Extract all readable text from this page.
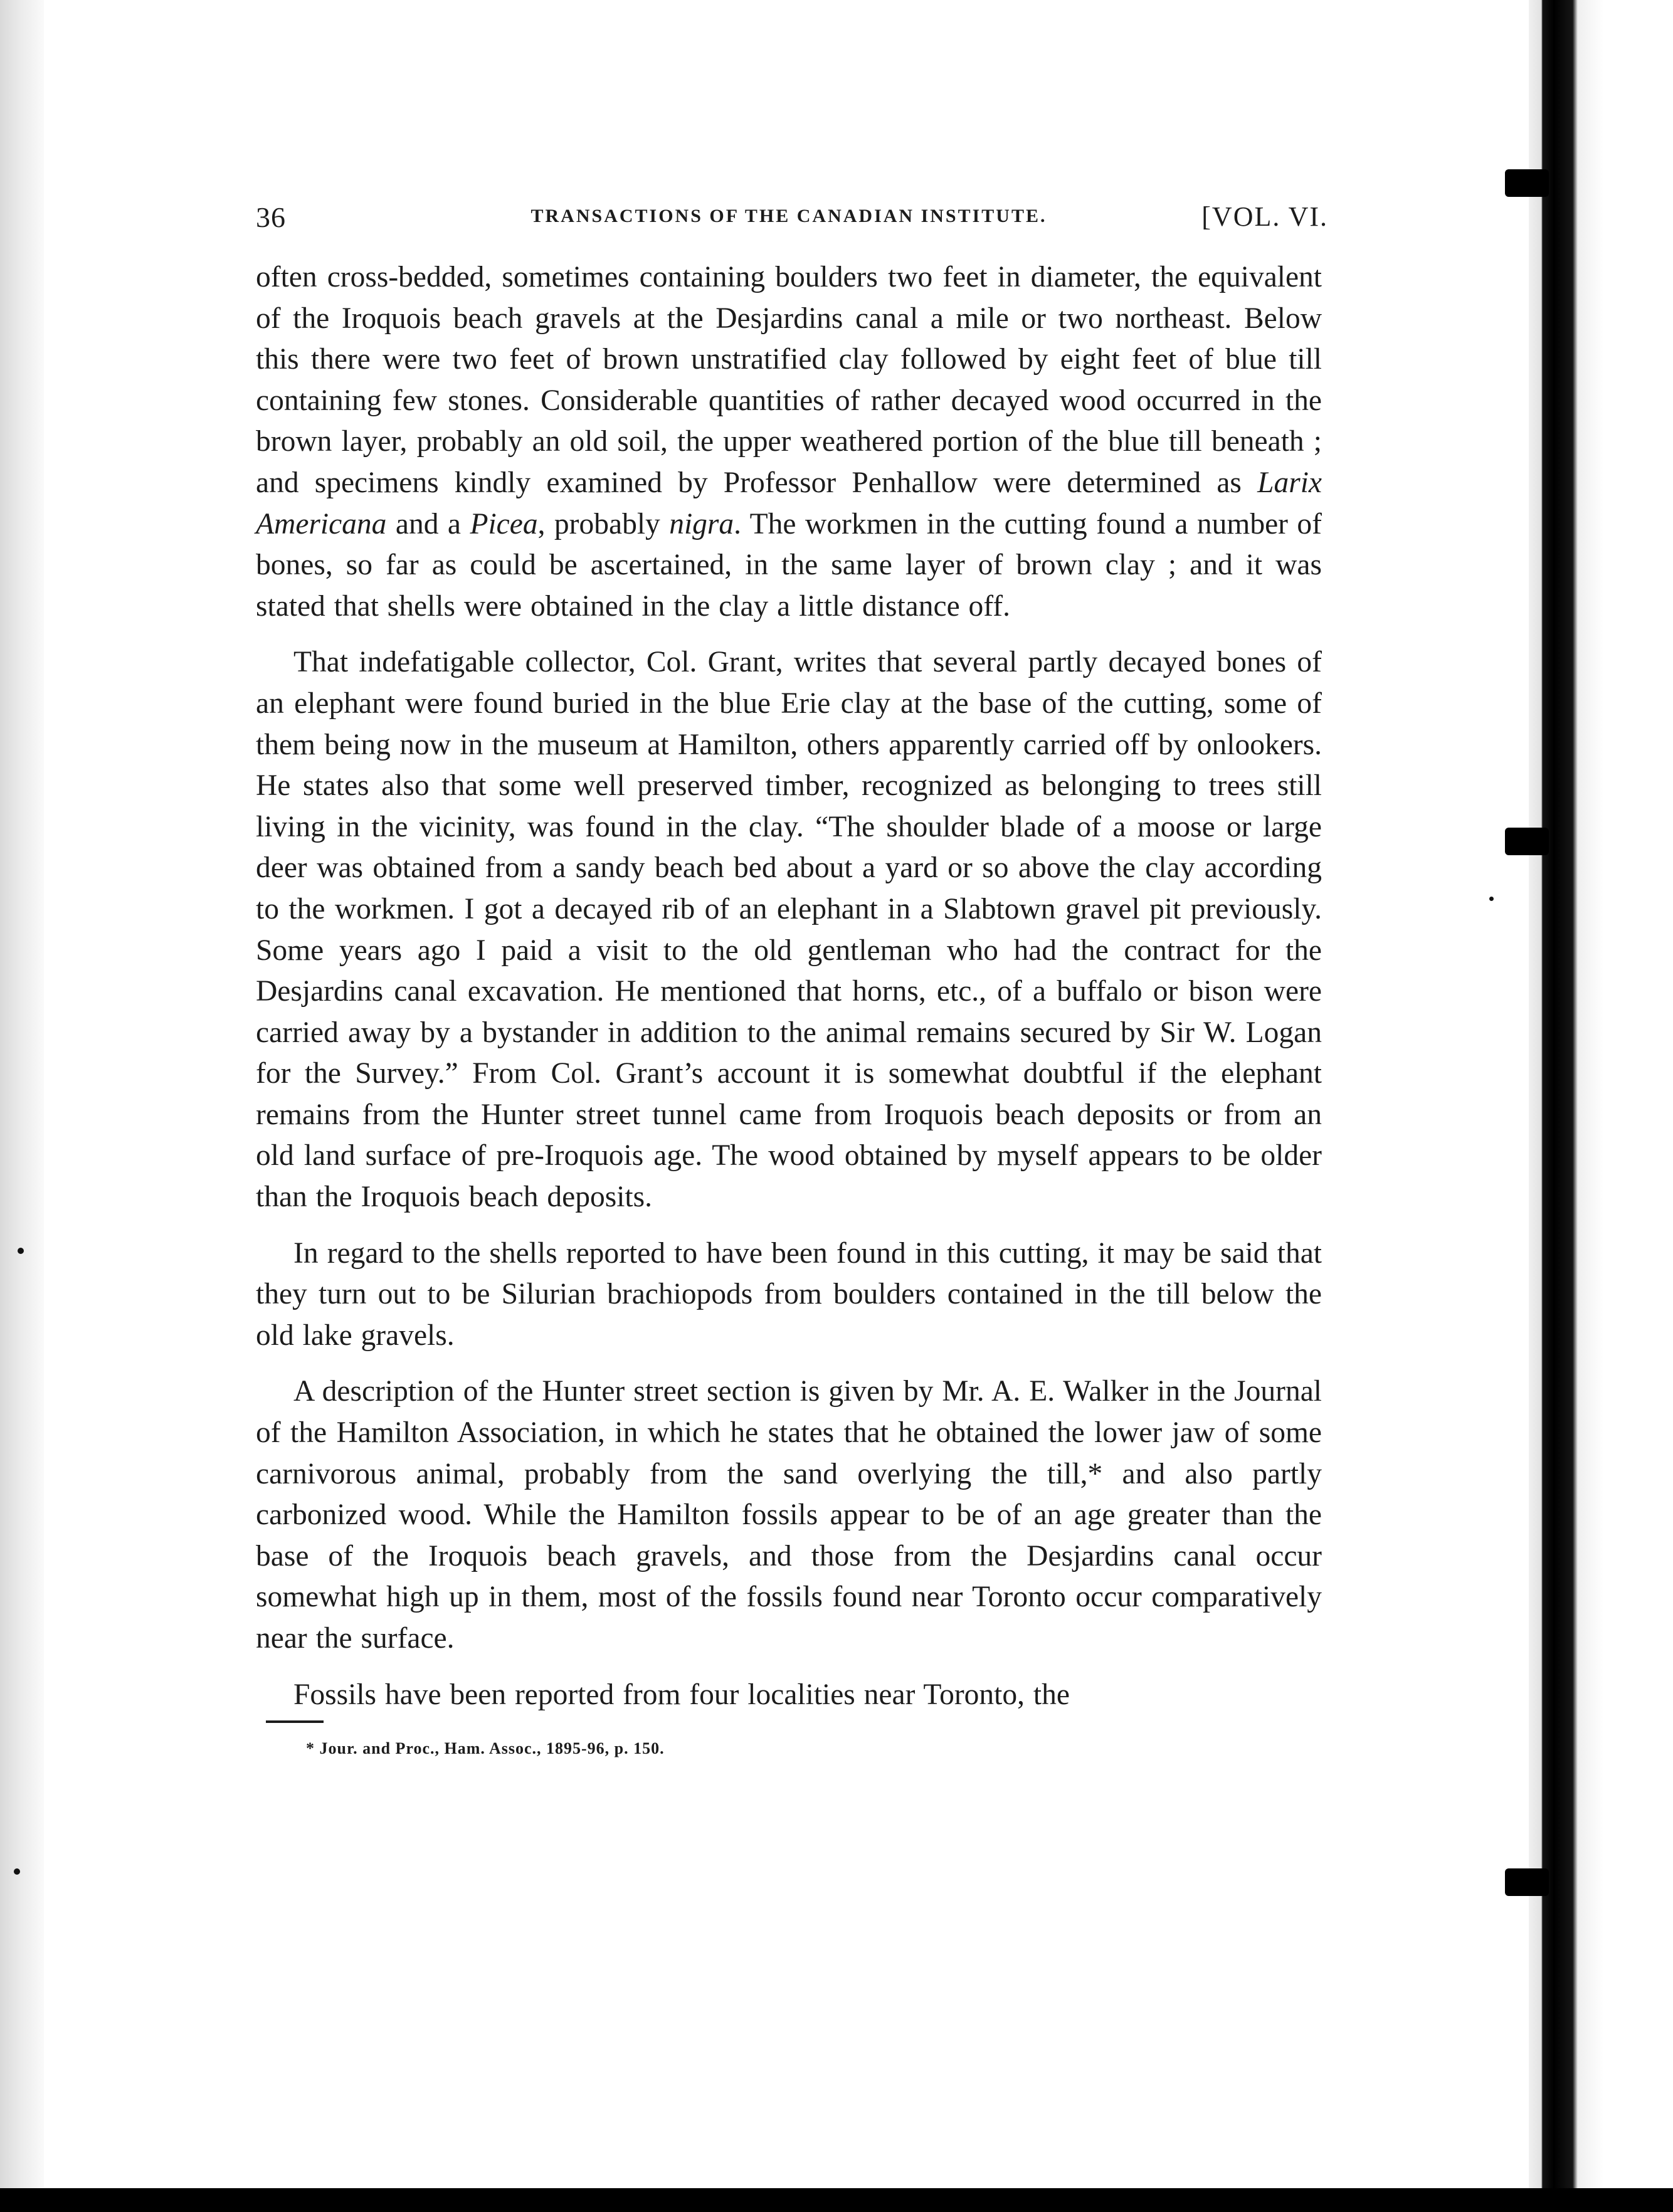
36	TRANSACTIONS OF THE CANADIAN INSTITUTE.	[VOL. VI.

often cross-bedded, sometimes containing boulders two feet in diameter, the equivalent of the Iroquois beach gravels at the Desjardins canal a mile or two northeast. Below this there were two feet of brown unstratified clay followed by eight feet of blue till containing few stones. Considerable quantities of rather decayed wood occurred in the brown layer, probably an old soil, the upper weathered portion of the blue till beneath ; and specimens kindly examined by Professor Penhallow were determined as Larix Americana and a Picea, probably nigra. The workmen in the cutting found a number of bones, so far as could be ascertained, in the same layer of brown clay ; and it was stated that shells were obtained in the clay a little distance off.

That indefatigable collector, Col. Grant, writes that several partly decayed bones of an elephant were found buried in the blue Erie clay at the base of the cutting, some of them being now in the museum at Hamilton, others apparently carried off by onlookers. He states also that some well preserved timber, recognized as belonging to trees still living in the vicinity, was found in the clay. “The shoulder blade of a moose or large deer was obtained from a sandy beach bed about a yard or so above the clay according to the workmen. I got a decayed rib of an elephant in a Slabtown gravel pit previously. Some years ago I paid a visit to the old gentleman who had the contract for the Desjardins canal excavation. He mentioned that horns, etc., of a buffalo or bison were carried away by a bystander in addition to the animal remains secured by Sir W. Logan for the Survey.” From Col. Grant’s account it is somewhat doubtful if the elephant remains from the Hunter street tunnel came from Iroquois beach deposits or from an old land surface of pre-Iroquois age. The wood obtained by myself appears to be older than the Iroquois beach deposits.

In regard to the shells reported to have been found in this cutting, it may be said that they turn out to be Silurian brachiopods from boulders contained in the till below the old lake gravels.

A description of the Hunter street section is given by Mr. A. E. Walker in the Journal of the Hamilton Association, in which he states that he obtained the lower jaw of some carnivorous animal, probably from the sand overlying the till,* and also partly carbonized wood. While the Hamilton fossils appear to be of an age greater than the base of the Iroquois beach gravels, and those from the Desjardins canal occur somewhat high up in them, most of the fossils found near Toronto occur comparatively near the surface.

Fossils have been reported from four localities near Toronto, the

* Jour. and Proc., Ham. Assoc., 1895-96, p. 150.
